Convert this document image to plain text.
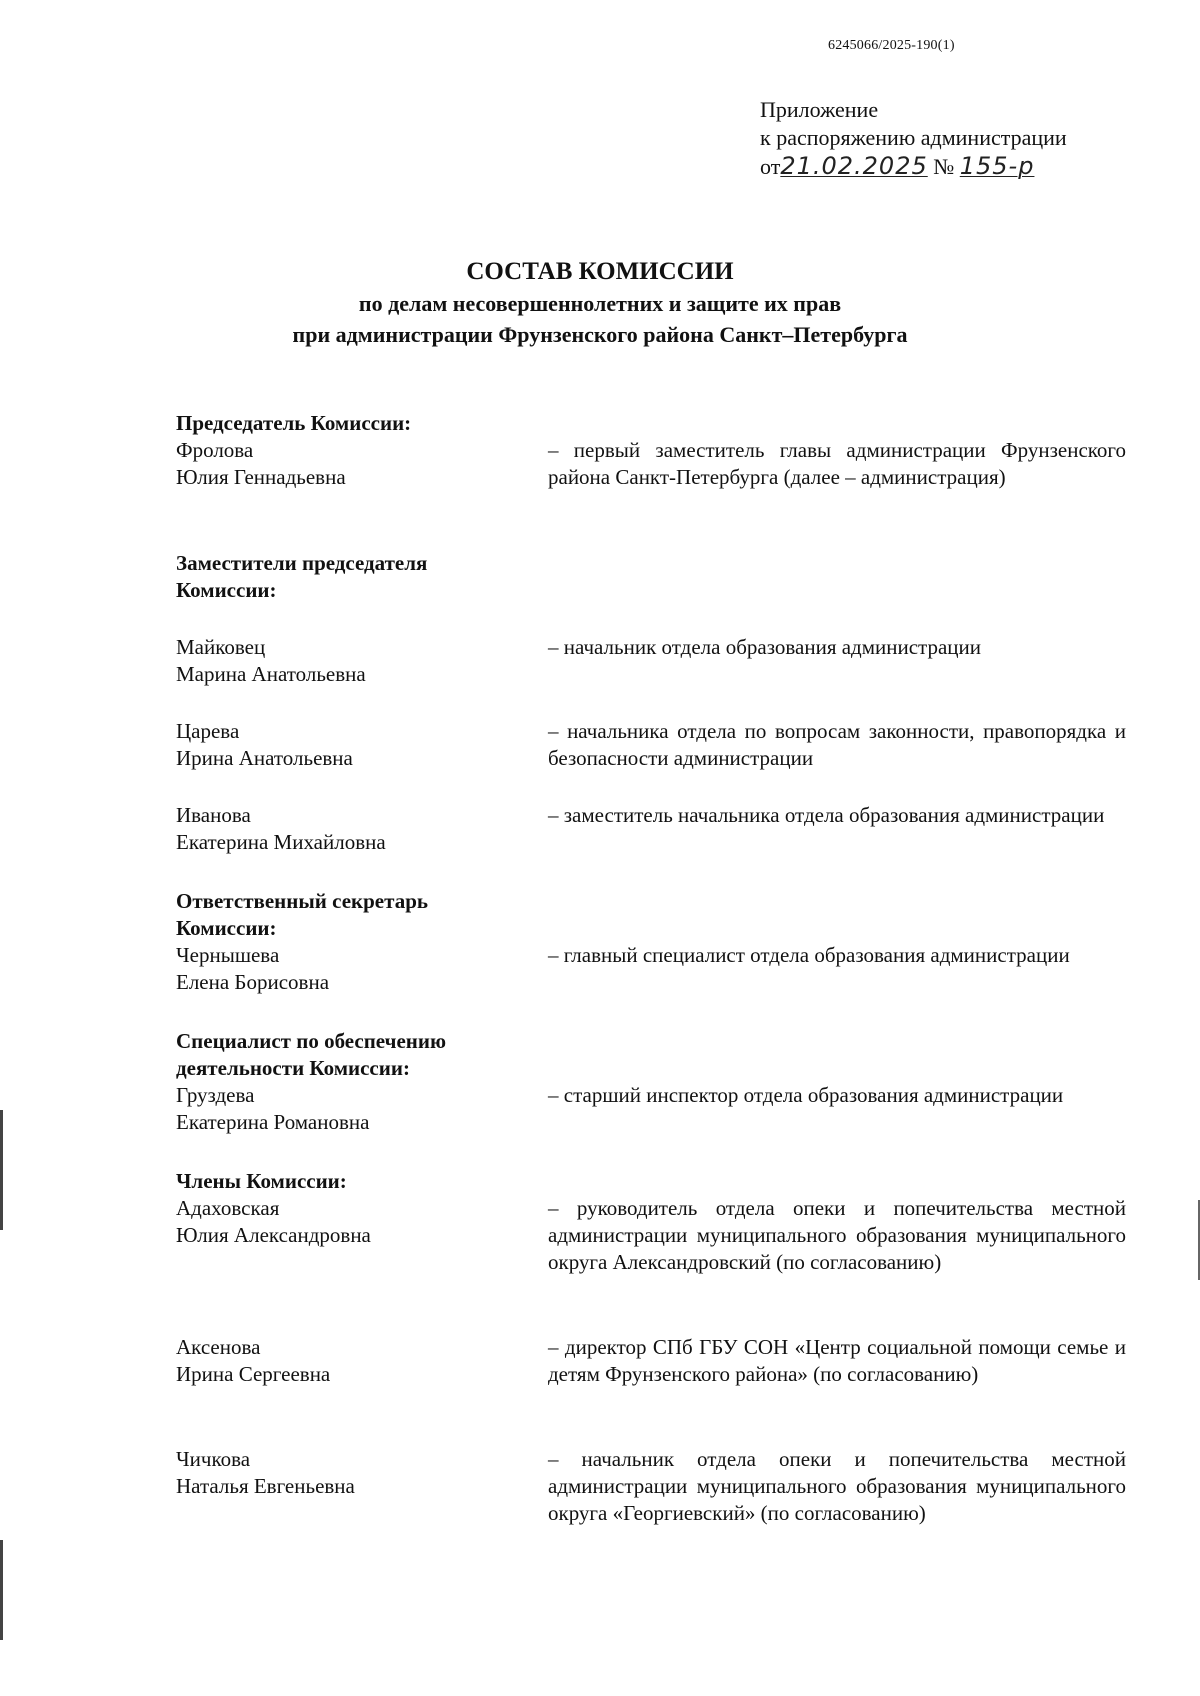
6245066/2025-190(1)
Приложение
к распоряжению администрации
от21.02.2025 № 155-р
СОСТАВ КОМИССИИ
по делам несовершеннолетних и защите их прав
при администрации Фрунзенского района Санкт–Петербурга
Председатель Комиссии:
Фролова
Юлия Геннадьевна
– первый заместитель главы администрации Фрунзенского района Санкт-Петербурга (далее – администрация)
Заместители председателя Комиссии:
Майковец
Марина Анатольевна
– начальник отдела образования администрации
Царева
Ирина Анатольевна
– начальника отдела по вопросам законности, правопорядка и безопасности администрации
Иванова
Екатерина Михайловна
– заместитель начальника отдела образования администрации
Ответственный секретарь Комиссии:
Чернышева
Елена Борисовна
– главный специалист отдела образования администрации
Специалист по обеспечению деятельности Комиссии:
Груздева
Екатерина Романовна
– старший инспектор отдела образования администрации
Члены Комиссии:
Адаховская
Юлия Александровна
– руководитель отдела опеки и попечительства местной администрации муниципального образования муниципального округа Александровский (по согласованию)
Аксенова
Ирина Сергеевна
– директор СПб ГБУ СОН «Центр социальной помощи семье и детям Фрунзенского района» (по согласованию)
Чичкова
Наталья Евгеньевна
– начальник отдела опеки и попечительства местной администрации муниципального образования муниципального округа «Георгиевский» (по согласованию)
